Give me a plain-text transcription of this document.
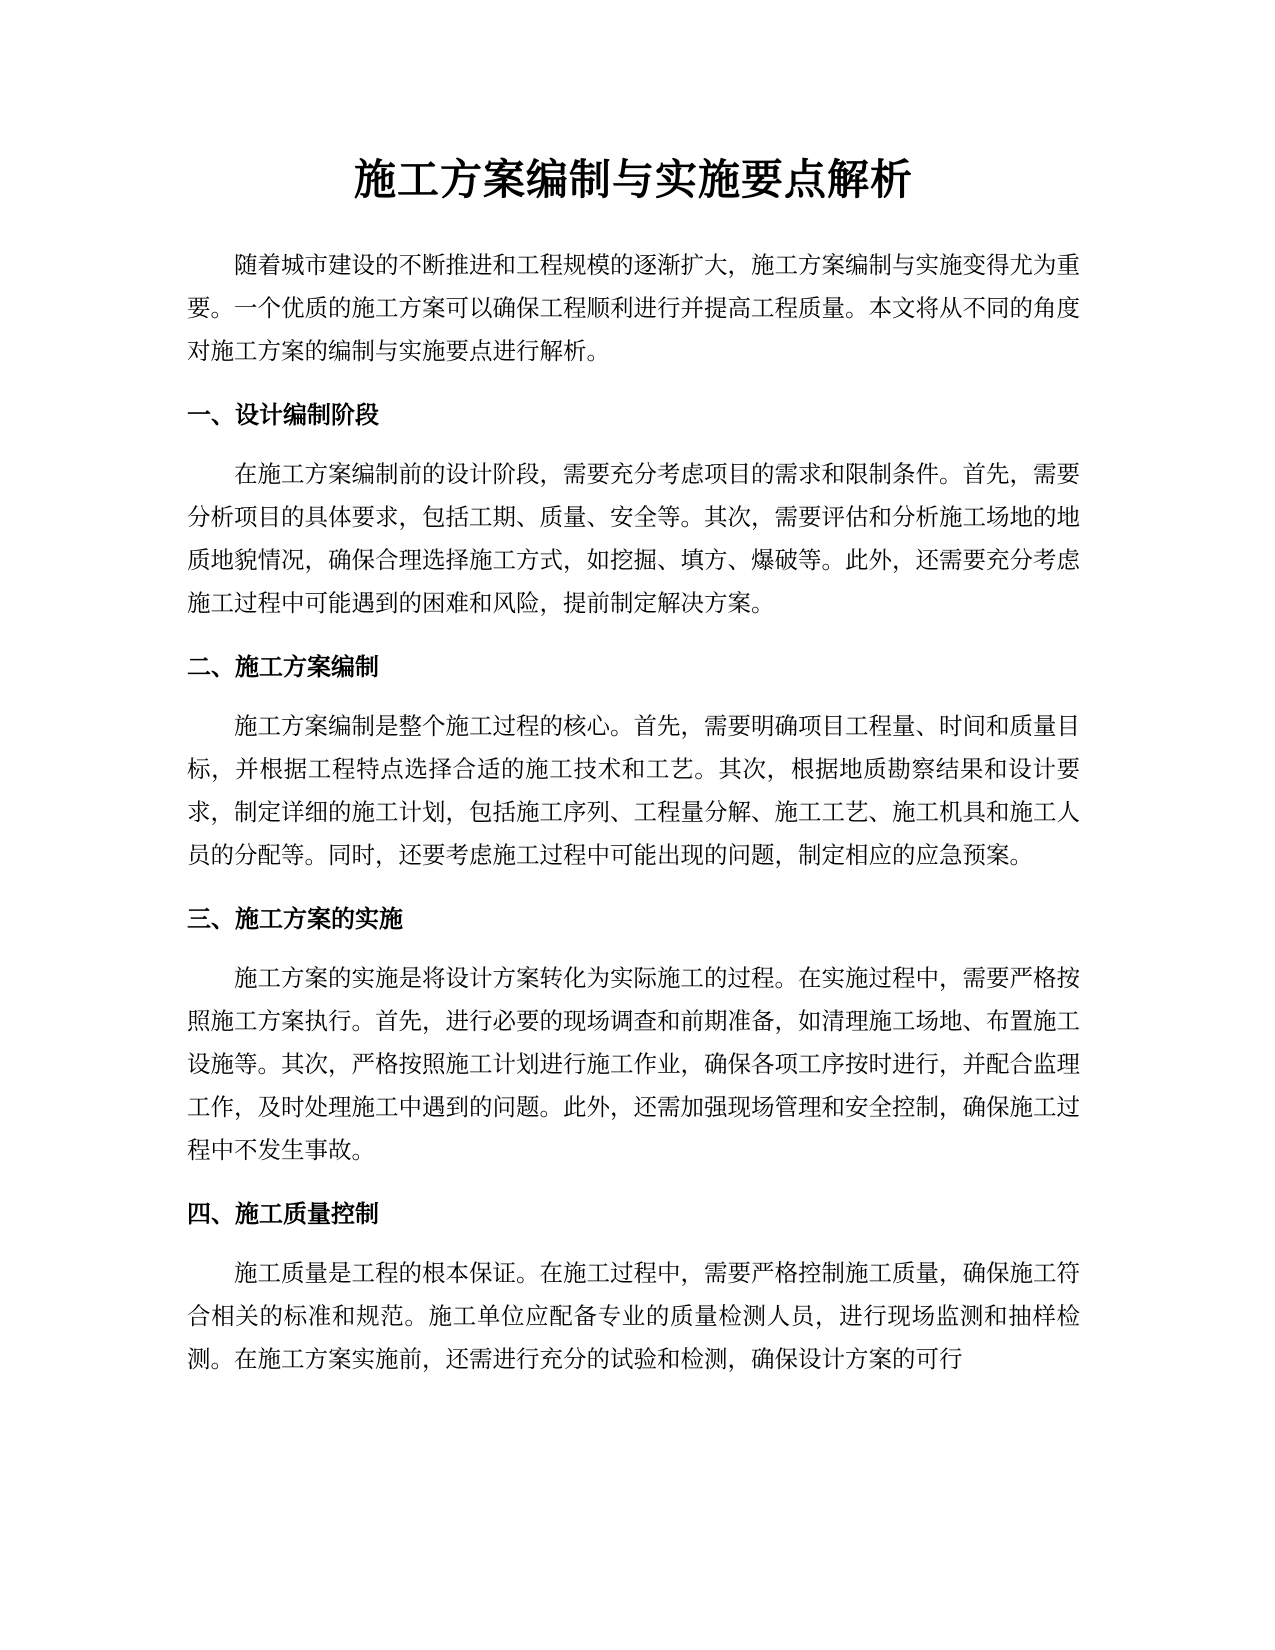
施工方案编制与实施要点解析

随着城市建设的不断推进和工程规模的逐渐扩大，施工方案编制与实施变得尤为重要。一个优质的施工方案可以确保工程顺利进行并提高工程质量。本文将从不同的角度对施工方案的编制与实施要点进行解析。

一、设计编制阶段

在施工方案编制前的设计阶段，需要充分考虑项目的需求和限制条件。首先，需要分析项目的具体要求，包括工期、质量、安全等。其次，需要评估和分析施工场地的地质地貌情况，确保合理选择施工方式，如挖掘、填方、爆破等。此外，还需要充分考虑施工过程中可能遇到的困难和风险，提前制定解决方案。

二、施工方案编制

施工方案编制是整个施工过程的核心。首先，需要明确项目工程量、时间和质量目标，并根据工程特点选择合适的施工技术和工艺。其次，根据地质勘察结果和设计要求，制定详细的施工计划，包括施工序列、工程量分解、施工工艺、施工机具和施工人员的分配等。同时，还要考虑施工过程中可能出现的问题，制定相应的应急预案。

三、施工方案的实施

施工方案的实施是将设计方案转化为实际施工的过程。在实施过程中，需要严格按照施工方案执行。首先，进行必要的现场调查和前期准备，如清理施工场地、布置施工设施等。其次，严格按照施工计划进行施工作业，确保各项工序按时进行，并配合监理工作，及时处理施工中遇到的问题。此外，还需加强现场管理和安全控制，确保施工过程中不发生事故。

四、施工质量控制

施工质量是工程的根本保证。在施工过程中，需要严格控制施工质量，确保施工符合相关的标准和规范。施工单位应配备专业的质量检测人员，进行现场监测和抽样检测。在施工方案实施前，还需进行充分的试验和检测，确保设计方案的可行
